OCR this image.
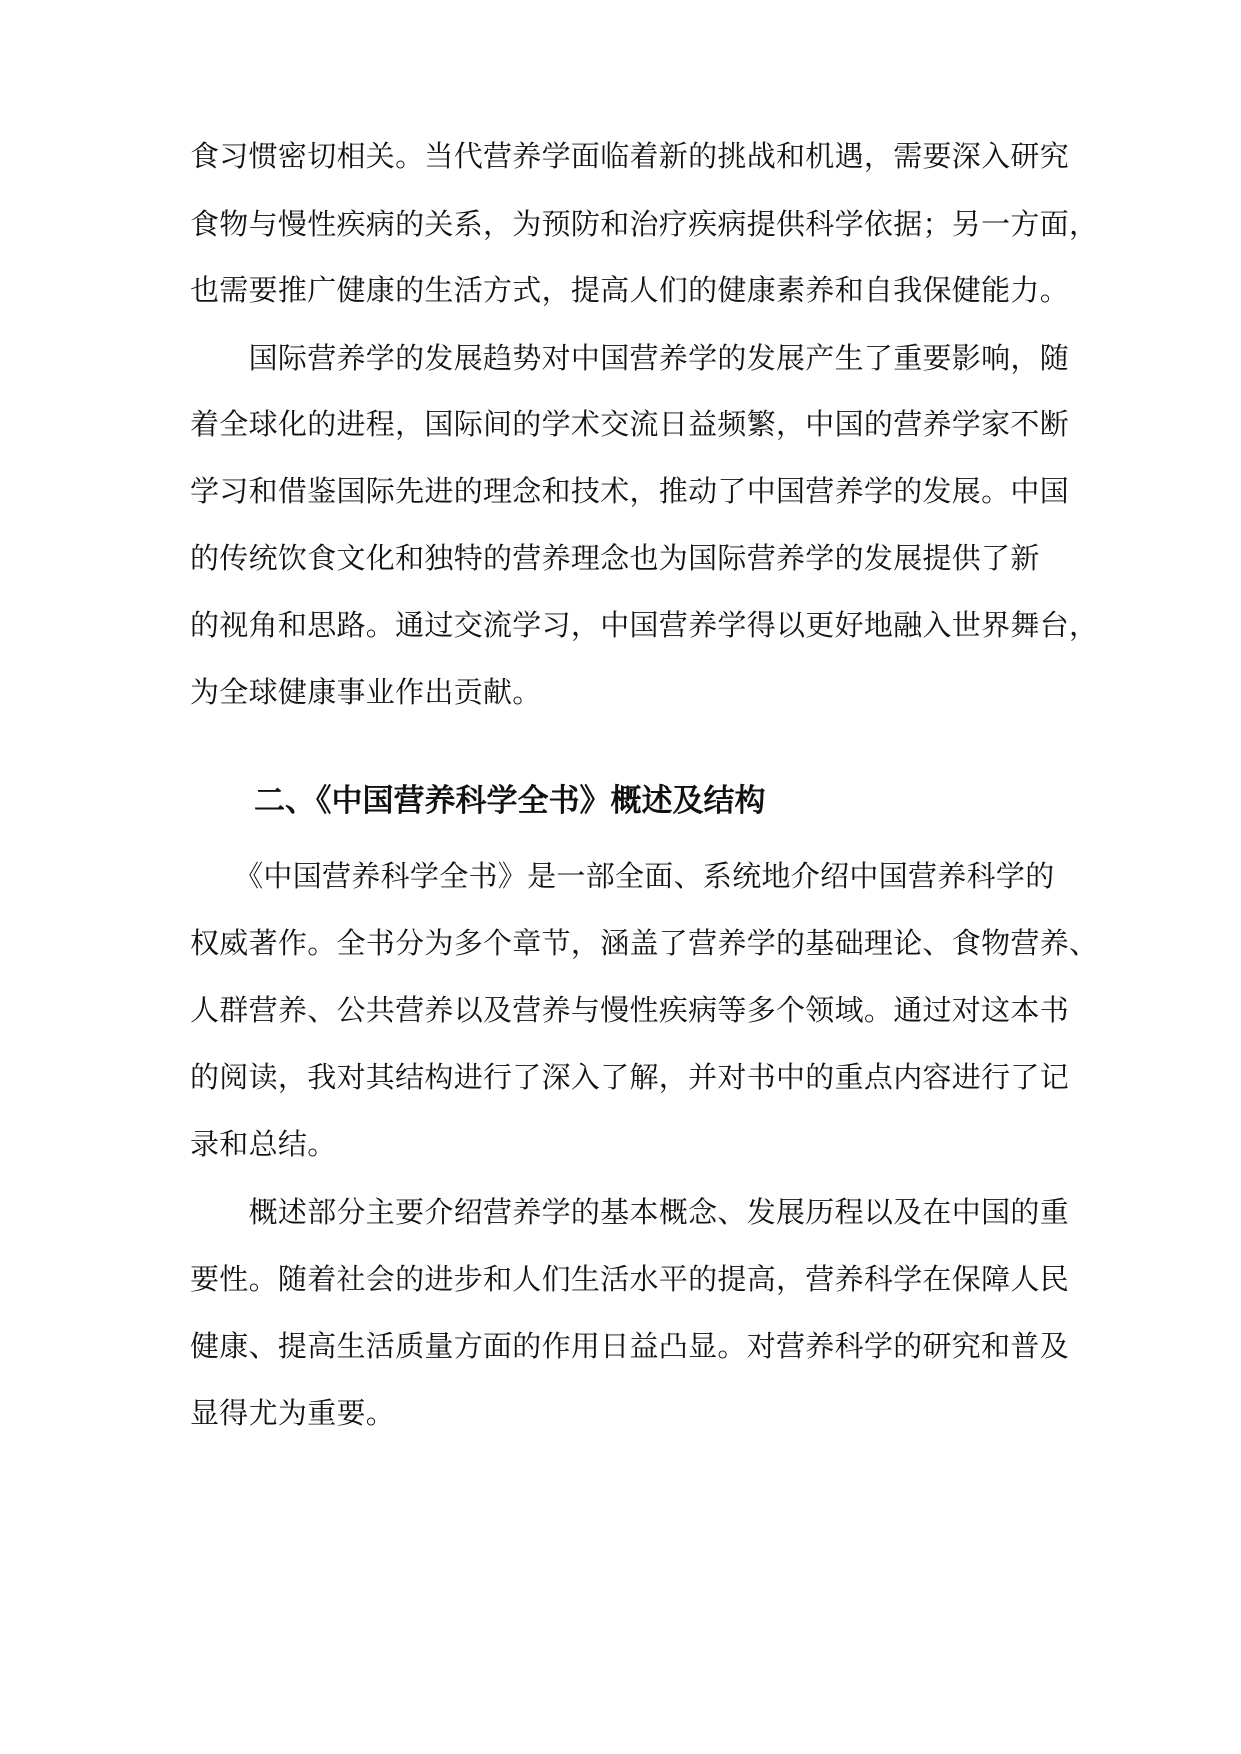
食习惯密切相关。当代营养学面临着新的挑战和机遇，需要深入研究
食物与慢性疾病的关系，为预防和治疗疾病提供科学依据；另一方面，
也需要推广健康的生活方式，提高人们的健康素养和自我保健能力。
　　国际营养学的发展趋势对中国营养学的发展产生了重要影响，随
着全球化的进程，国际间的学术交流日益频繁，中国的营养学家不断
学习和借鉴国际先进的理念和技术，推动了中国营养学的发展。中国
的传统饮食文化和独特的营养理念也为国际营养学的发展提供了新
的视角和思路。通过交流学习，中国营养学得以更好地融入世界舞台，
为全球健康事业作出贡献。
二、《中国营养科学全书》概述及结构
　　《中国营养科学全书》是一部全面、系统地介绍中国营养科学的
权威著作。全书分为多个章节，涵盖了营养学的基础理论、食物营养、
人群营养、公共营养以及营养与慢性疾病等多个领域。通过对这本书
的阅读，我对其结构进行了深入了解，并对书中的重点内容进行了记
录和总结。
　　概述部分主要介绍营养学的基本概念、发展历程以及在中国的重
要性。随着社会的进步和人们生活水平的提高，营养科学在保障人民
健康、提高生活质量方面的作用日益凸显。对营养科学的研究和普及
显得尤为重要。
